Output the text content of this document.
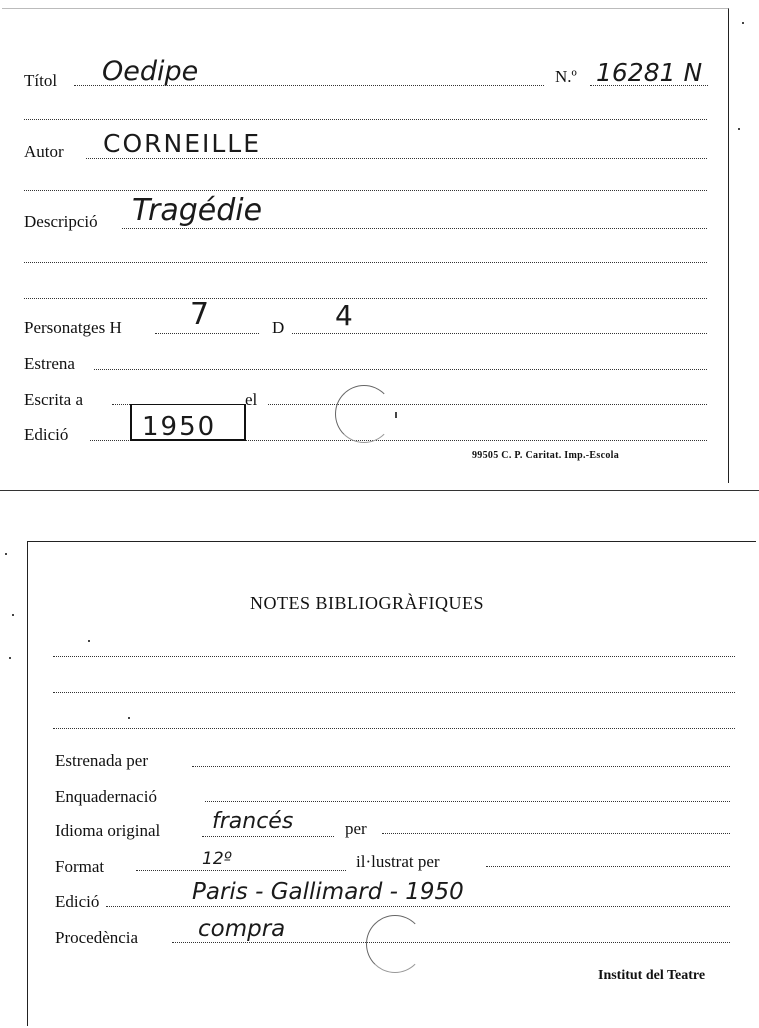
Títol Oedipe	N.º 16281 N
Autor CORNEILLE
Descripció Tragédie
Personatges H 7	D 4
Estrena
Escrita a	el
Edició	1950
99505 C. P. Caritat. Imp.-Escola
NOTES BIBLIOGRÀFIQUES
Estrenada per
Enquadernació
Idioma original francés	per
Format	12º	il·lustrat per
Edició	Paris - Gallimard - 1950
Procedència	compra
Institut del Teatre
